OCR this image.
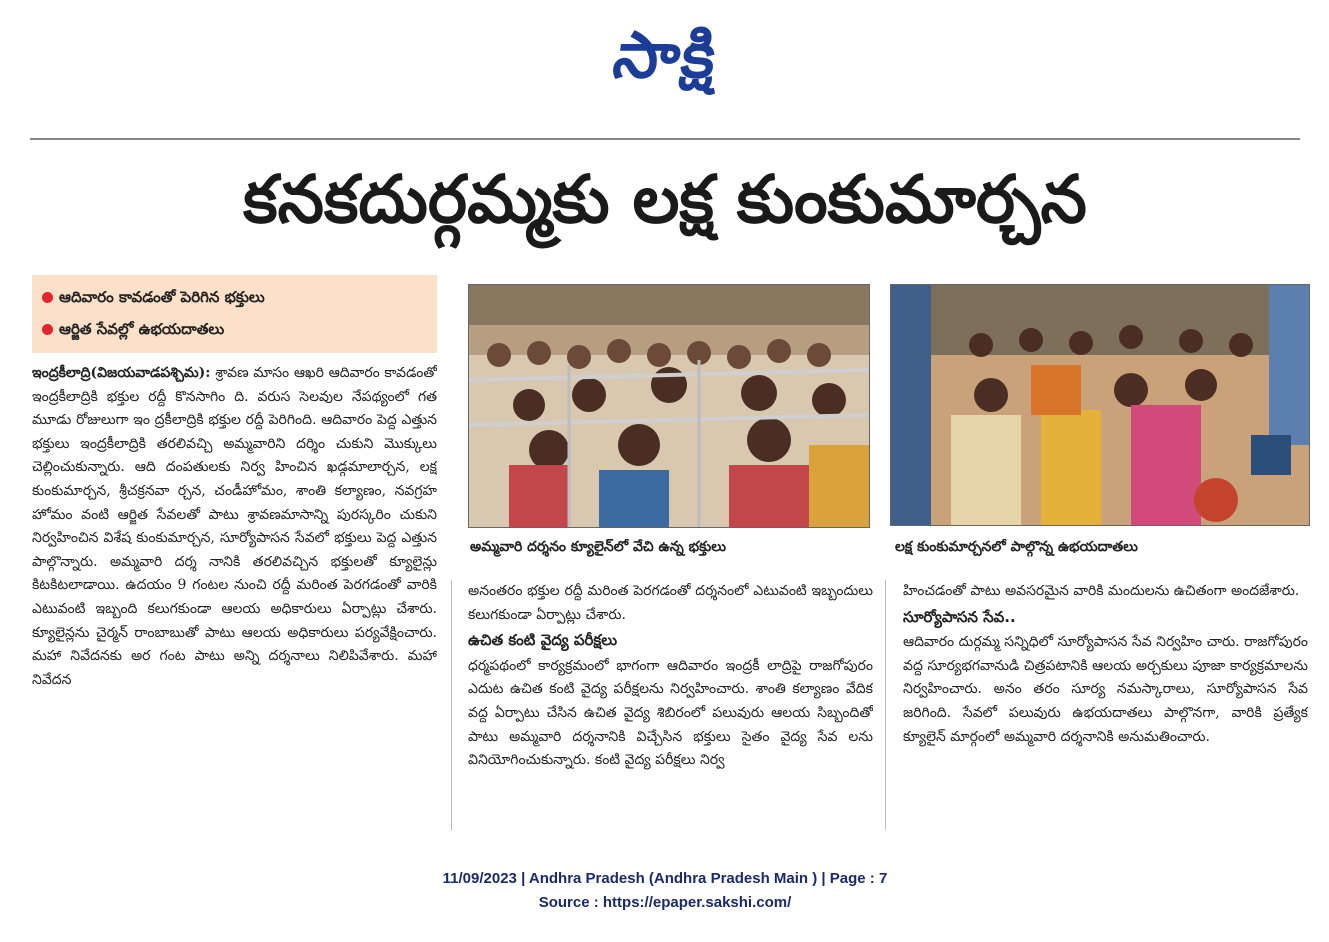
సాక్షి
కనకదుర్గమ్మకు లక్ష కుంకుమార్చన
ఆదివారం కావడంతో పెరిగిన భక్తులు
ఆర్జిత సేవల్లో ఉభయదాతలు

ఇంద్రకీలాద్రి(విజయవాడపశ్చిమ): శ్రావణ మాసం ఆఖరి ఆదివారం కావడంతో ఇంద్రకీలాద్రికి భక్తుల రద్దీ కొనసాగిం ది. వరుస సెలవుల నేపథ్యంలో గత మూడు రోజులుగా ఇం ద్రకీలాద్రికి భక్తుల రద్దీ పెరిగింది. ఆదివారం పెద్ద ఎత్తున భక్తులు ఇంద్రకీలాద్రికి తరలివచ్చి అమ్మవారిని దర్శిం చుకుని మొక్కులు చెల్లించుకున్నారు. ఆది దంపతులకు నిర్వ హించిన ఖడ్గమాలార్చన, లక్ష కుంకుమార్చన, శ్రీచక్రనవా ర్చన, చండీహోమం, శాంతి కల్యాణం, నవగ్రహ హోమం వంటి ఆర్జిత సేవలతో పాటు శ్రావణమాసాన్ని పురస్కరిం చుకుని నిర్వహించిన విశేష కుంకుమార్చన, సూర్యోపాసన సేవలో భక్తులు పెద్ద ఎత్తున పాల్గొన్నారు. అమ్మవారి దర్శ నానికి తరలివచ్చిన భక్తులతో క్యూలైన్లు కిటకిటలాడాయి. ఉదయం 9 గంటల నుంచి రద్దీ మరింత పెరగడంతో వారికి ఎటువంటి ఇబ్బంది కలుగకుండా ఆలయ అధికారులు ఏర్పాట్లు చేశారు. క్యూలైన్లను చైర్మన్ రాంబాబుతో పాటు ఆలయ అధికారులు పర్యవేక్షించారు. మహా నివేదనకు అర గంట పాటు అన్ని దర్శనాలు నిలిపివేశారు. మహా నివేదన

అమ్మవారి దర్శనం క్యూలైన్‌లో వేచి ఉన్న భక్తులు	లక్ష కుంకుమార్చనలో పాల్గొన్న ఉభయదాతలు

అనంతరం భక్తుల రద్దీ మరింత పెరగడంతో దర్శనంలో ఎటువంటి ఇబ్బందులు కలుగకుండా ఏర్పాట్లు చేశారు.

ఉచిత కంటి వైద్య పరీక్షలు

ధర్మపథంలో కార్యక్రమంలో భాగంగా ఆదివారం ఇంద్రకీ లాద్రిపై రాజగోపురం ఎదుట ఉచిత కంటి వైద్య పరీక్షలను నిర్వహించారు. శాంతి కల్యాణం వేదిక వద్ద ఏర్పాటు చేసిన ఉచిత వైద్య శిబిరంలో పలువురు ఆలయ సిబ్బందితో పాటు అమ్మవారి దర్శనానికి విచ్చేసిన భక్తులు సైతం వైద్య సేవ లను వినియోగించుకున్నారు. కంటి వైద్య పరీక్షలు నిర్వ

హించడంతో పాటు అవసరమైన వారికి మందులను ఉచితంగా అందజేశారు.

సూర్యోపాసన సేవ..

ఆదివారం దుర్గమ్మ సన్నిధిలో సూర్యోపాసన సేవ నిర్వహిం చారు. రాజగోపురం వద్ద సూర్యభగవానుడి చిత్రపటానికి ఆలయ అర్చకులు పూజా కార్యక్రమాలను నిర్వహించారు. అనం తరం సూర్య నమస్కారాలు, సూర్యోపాసన సేవ జరిగింది. సేవలో పలువురు ఉభయదాతలు పాల్గొనగా, వారికి ప్రత్యేక క్యూలైన్ మార్గంలో అమ్మవారి దర్శనానికి అనుమతించారు.

11/09/2023 | Andhra Pradesh (Andhra Pradesh Main ) | Page : 7
Source : https://epaper.sakshi.com/
